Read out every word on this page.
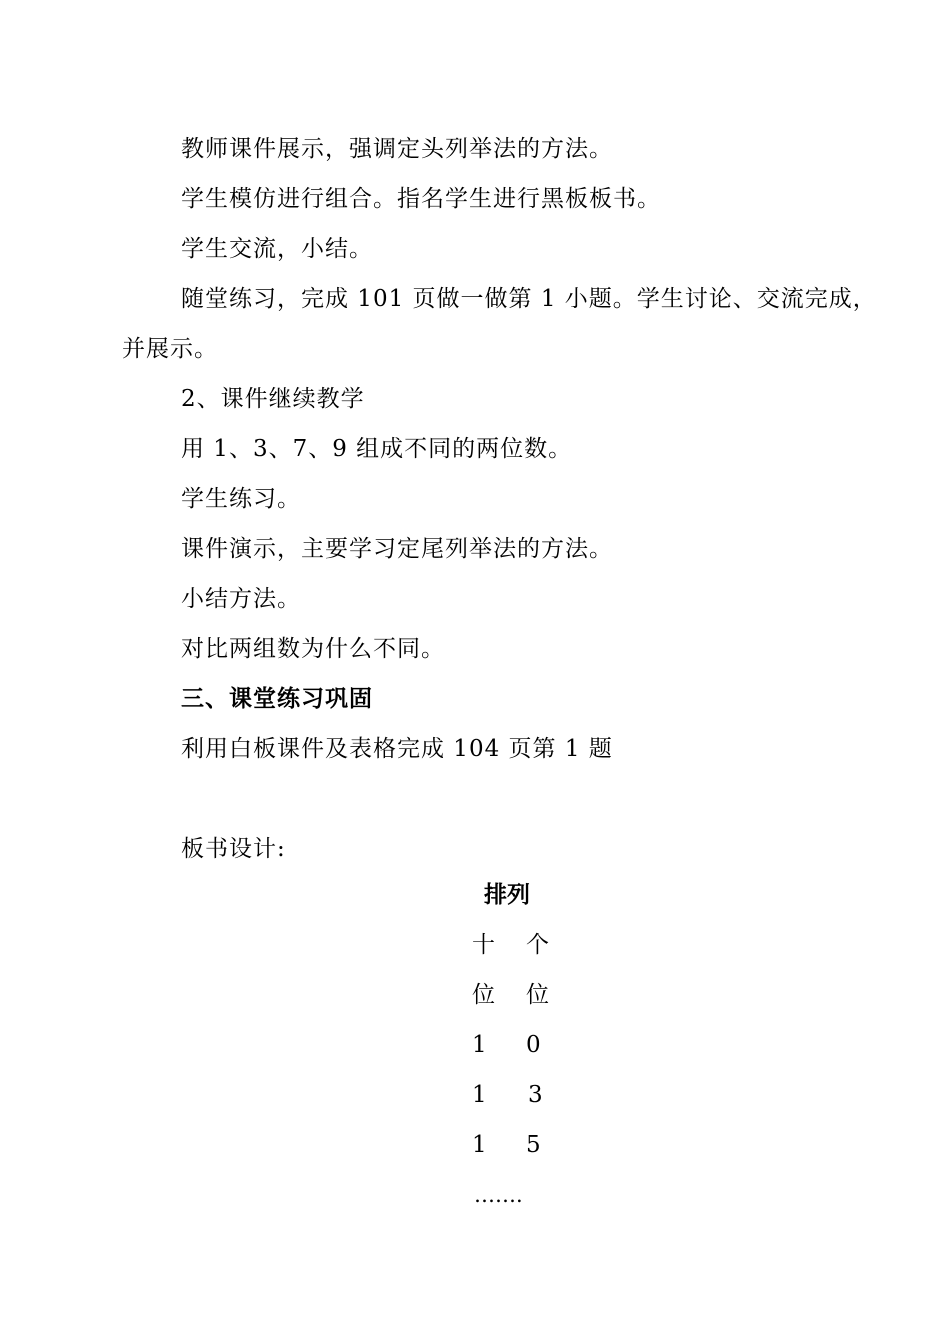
教师课件展示，强调定头列举法的方法。
学生模仿进行组合。指名学生进行黑板板书。
学生交流，小结。
随堂练习，完成 101 页做一做第 1 小题。学生讨论、交流完成，
并展示。
2、课件继续教学
用 1、3、7、9 组成不同的两位数。
学生练习。
课件演示，主要学习定尾列举法的方法。
小结方法。
对比两组数为什么不同。
三、课堂练习巩固
利用白板课件及表格完成 104 页第 1 题
板书设计:
排列
十 个
位 位
1 0
1 3
1 5
…….
